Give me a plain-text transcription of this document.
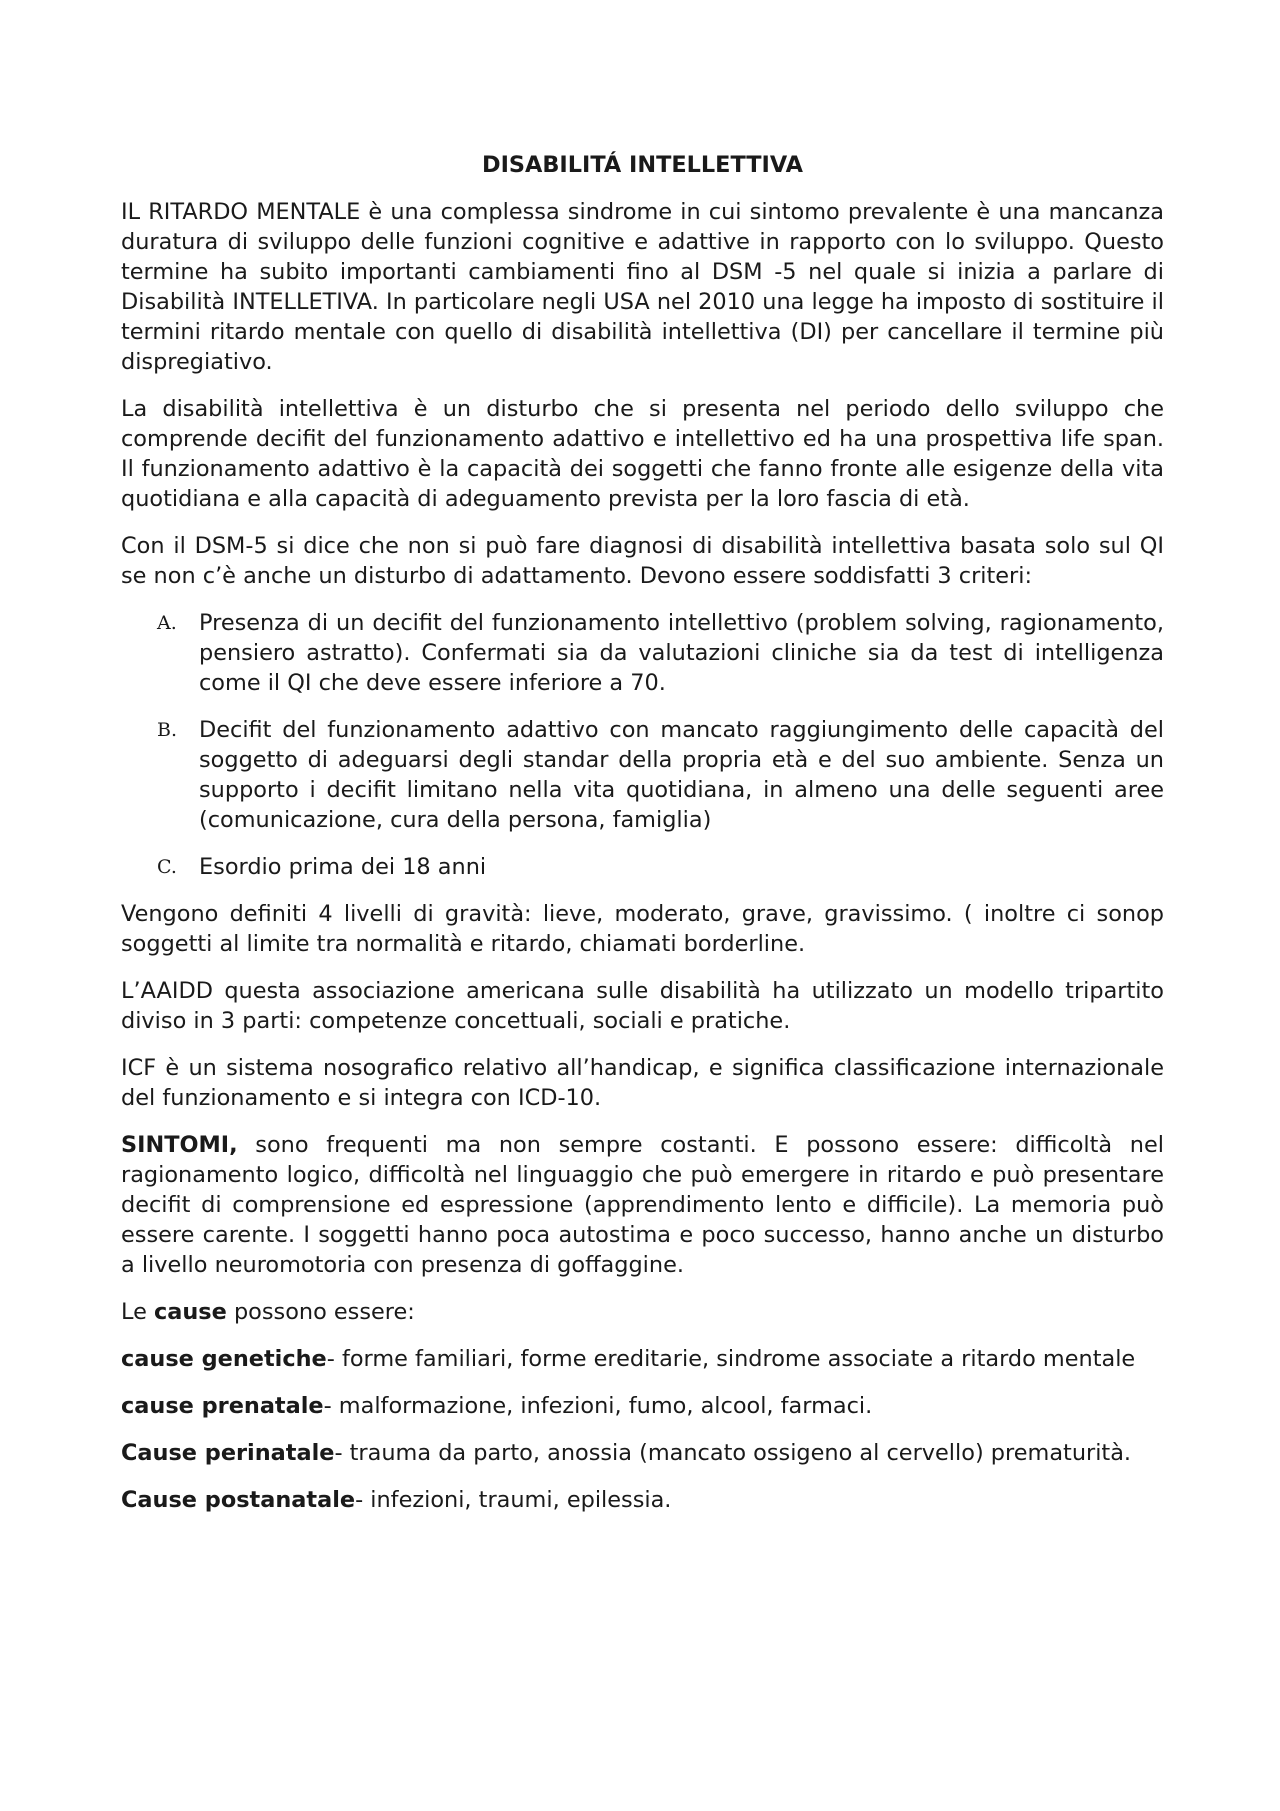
DISABILITÁ INTELLETTIVA

IL RITARDO MENTALE è una complessa sindrome in cui sintomo prevalente è una mancanza duratura di sviluppo delle funzioni cognitive e adattive in rapporto con lo sviluppo. Questo termine ha subito importanti cambiamenti fino al DSM -5 nel quale si inizia a parlare di Disabilità INTELLETIVA. In particolare negli USA nel 2010 una legge ha imposto di sostituire il termini ritardo mentale con quello di disabilità intellettiva (DI) per cancellare il termine più dispregiativo.

La disabilità intellettiva è un disturbo che si presenta nel periodo dello sviluppo che comprende decifit del funzionamento adattivo e intellettivo ed ha una prospettiva life span. Il funzionamento adattivo è la capacità dei soggetti che fanno fronte alle esigenze della vita quotidiana e alla capacità di adeguamento prevista per la loro fascia di età.

Con il DSM-5 si dice che non si può fare diagnosi di disabilità intellettiva basata solo sul QI se non c’è anche un disturbo di adattamento. Devono essere soddisfatti 3 criteri:

A. Presenza di un decifit del funzionamento intellettivo (problem solving, ragionamento, pensiero astratto). Confermati sia da valutazioni cliniche sia da test di intelligenza come il QI che deve essere inferiore a 70.
B. Decifit del funzionamento adattivo con mancato raggiungimento delle capacità del soggetto di adeguarsi degli standar della propria età e del suo ambiente. Senza un supporto i decifit limitano nella vita quotidiana, in almeno una delle seguenti aree (comunicazione, cura della persona, famiglia)
C. Esordio prima dei 18 anni

Vengono definiti 4 livelli di gravità: lieve, moderato, grave, gravissimo. ( inoltre ci sonop soggetti al limite tra normalità e ritardo, chiamati borderline.

L’AAIDD questa associazione americana sulle disabilità ha utilizzato un modello tripartito diviso in 3 parti: competenze concettuali, sociali e pratiche.

ICF è un sistema nosografico relativo all’handicap, e significa classificazione internazionale del funzionamento e si integra con ICD-10.

SINTOMI, sono frequenti ma non sempre costanti. E possono essere: difficoltà nel ragionamento logico, difficoltà nel linguaggio che può emergere in ritardo e può presentare decifit di comprensione ed espressione (apprendimento lento e difficile). La memoria può essere carente. I soggetti hanno poca autostima e poco successo, hanno anche un disturbo a livello neuromotoria con presenza di goffaggine.

Le cause possono essere:

cause genetiche- forme familiari, forme ereditarie, sindrome associate a ritardo mentale

cause prenatale- malformazione, infezioni, fumo, alcool, farmaci.

Cause perinatale- trauma da parto, anossia (mancato ossigeno al cervello) prematurità.

Cause postanatale- infezioni, traumi, epilessia.
